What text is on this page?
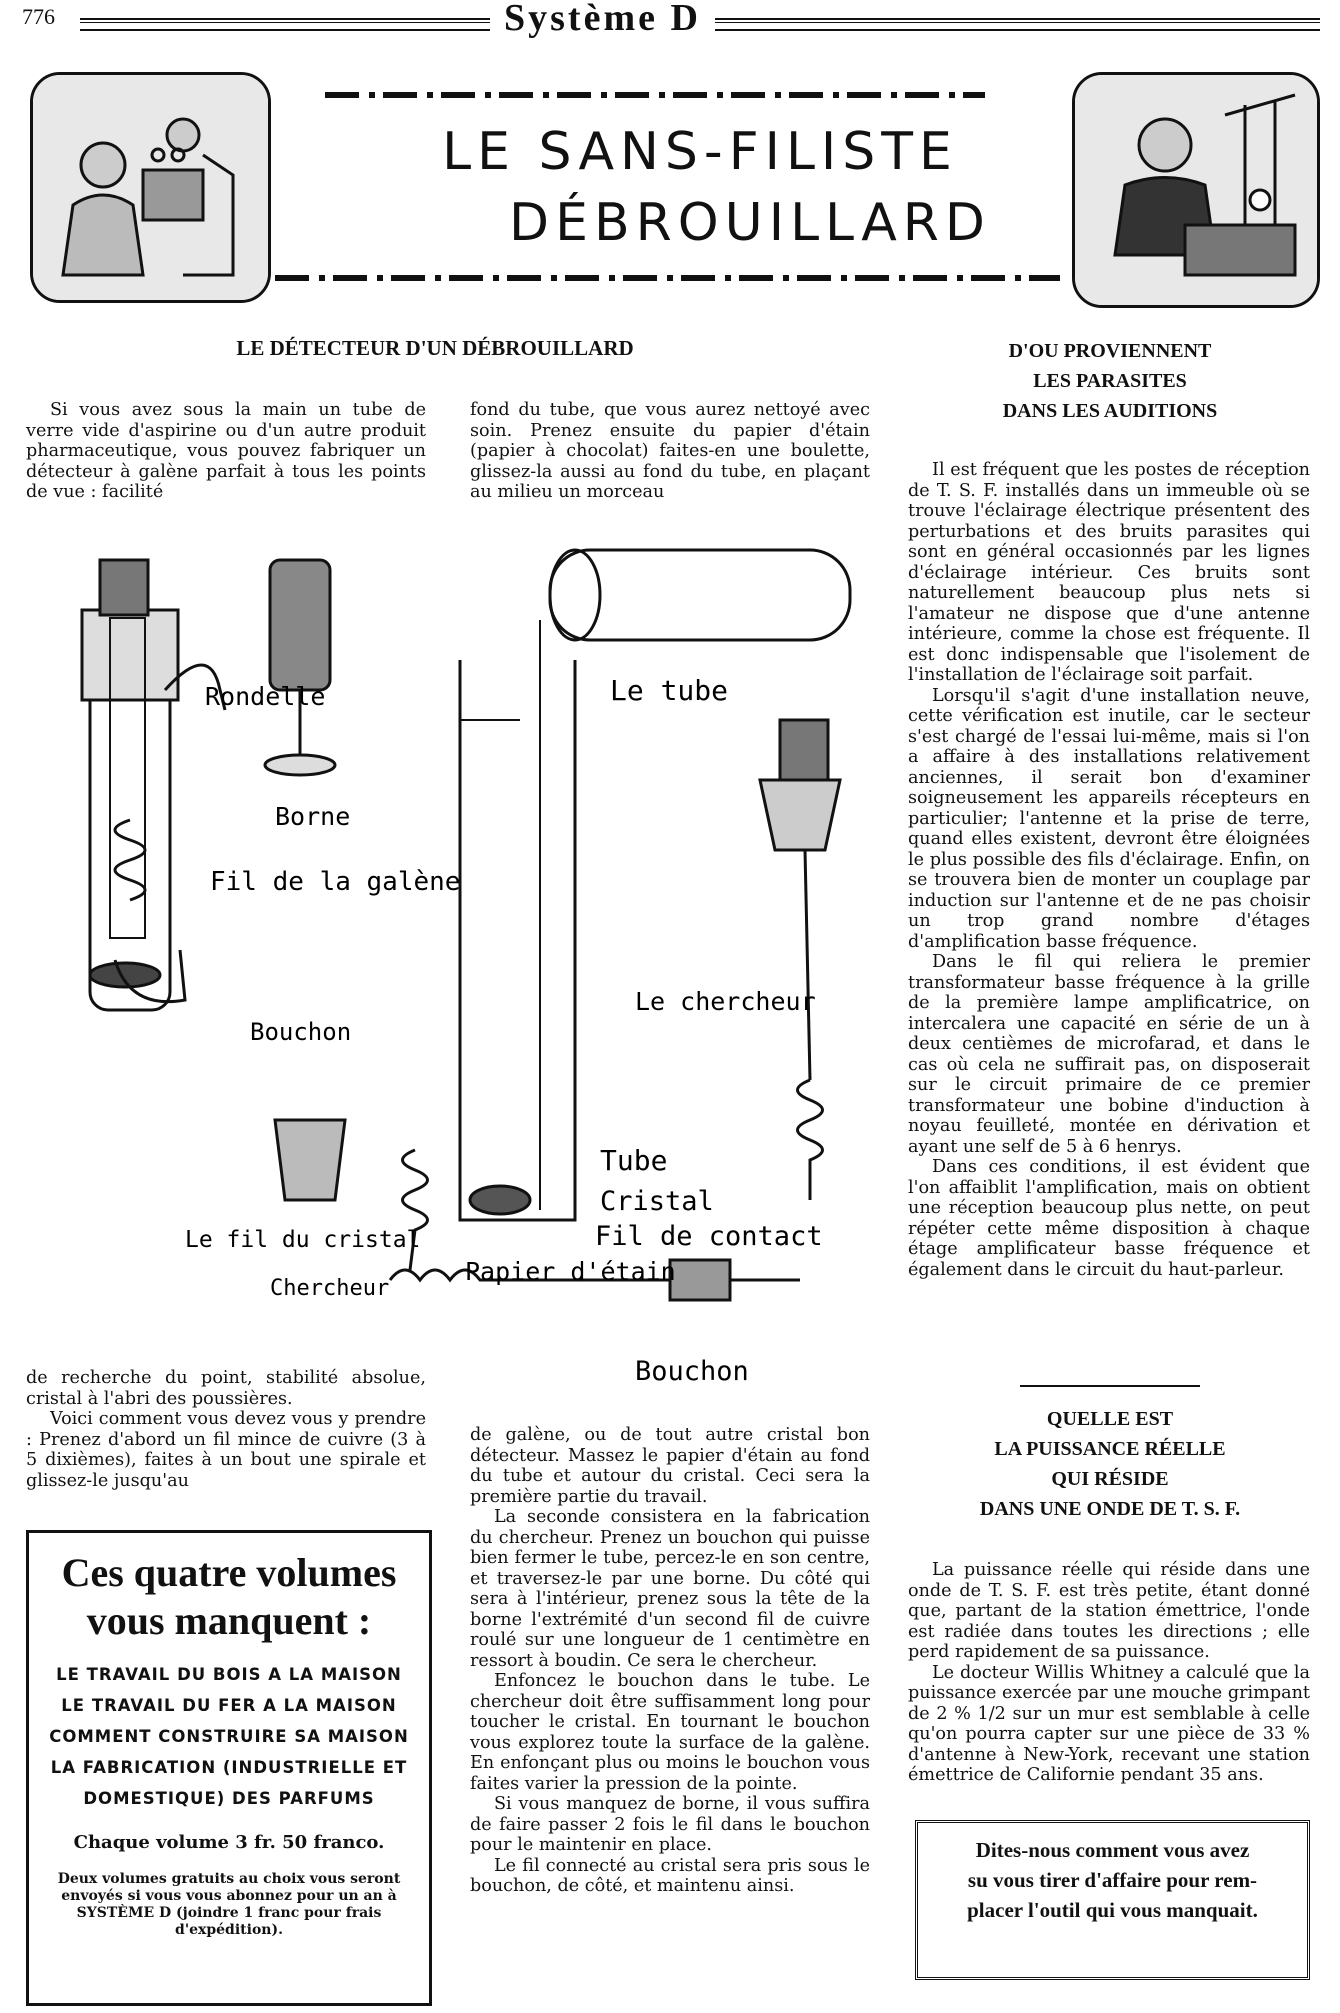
776	Système D
LE SANS-FILISTE
DÉBROUILLARD
LE DÉTECTEUR D'UN DÉBROUILLARD

Si vous avez sous la main un tube de verre vide d'aspirine ou d'un autre produit pharmaceutique, vous pouvez fabriquer un détecteur à galène parfait à tous les points de vue : facilité

fond du tube, que vous aurez nettoyé avec soin. Prenez ensuite du papier d'étain (papier à chocolat) faites-en une boulette, glissez-la aussi au fond du tube, en plaçant au milieu un morceau

Rondelle
Borne
Fil de la galène
Bouchon
Le fil du cristal
Chercheur
Le tube
Le chercheur
Tube
Cristal
Fil de contact
Papier d'étain
Bouchon

de recherche du point, stabilité absolue, cristal à l'abri des poussières.

Voici comment vous devez vous y prendre : Prenez d'abord un fil mince de cuivre (3 à 5 dixièmes), faites à un bout une spirale et glissez-le jusqu'au

de galène, ou de tout autre cristal bon détecteur. Massez le papier d'étain au fond du tube et autour du cristal. Ceci sera la première partie du travail.

La seconde consistera en la fabrication du chercheur. Prenez un bouchon qui puisse bien fermer le tube, percez-le en son centre, et traversez-le par une borne. Du côté qui sera à l'intérieur, prenez sous la tête de la borne l'extrémité d'un second fil de cuivre roulé sur une longueur de 1 centimètre en ressort à boudin. Ce sera le chercheur.

Enfoncez le bouchon dans le tube. Le chercheur doit être suffisamment long pour toucher le cristal. En tournant le bouchon vous explorez toute la surface de la galène. En enfonçant plus ou moins le bouchon vous faites varier la pression de la pointe.

Si vous manquez de borne, il vous suffira de faire passer 2 fois le fil dans le bouchon pour le maintenir en place.

Le fil connecté au cristal sera pris sous le bouchon, de côté, et maintenu ainsi.

Ces quatre volumes
vous manquent :
LE TRAVAIL DU BOIS A LA MAISON
LE TRAVAIL DU FER A LA MAISON
COMMENT CONSTRUIRE SA MAISON
LA FABRICATION (INDUSTRIELLE ET
DOMESTIQUE) DES PARFUMS
Chaque volume 3 fr. 50 franco.
Deux volumes gratuits au choix vous seront envoyés si vous vous abonnez pour un an à SYSTÈME D (joindre 1 franc pour frais d'expédition).
D'OU PROVIENNENT
LES PARASITES
DANS LES AUDITIONS

Il est fréquent que les postes de réception de T. S. F. installés dans un immeuble où se trouve l'éclairage électrique présentent des perturbations et des bruits parasites qui sont en général occasionnés par les lignes d'éclairage intérieur. Ces bruits sont naturellement beaucoup plus nets si l'amateur ne dispose que d'une antenne intérieure, comme la chose est fréquente. Il est donc indispensable que l'isolement de l'installation de l'éclairage soit parfait.

Lorsqu'il s'agit d'une installation neuve, cette vérification est inutile, car le secteur s'est chargé de l'essai lui-même, mais si l'on a affaire à des installations relativement anciennes, il serait bon d'examiner soigneusement les appareils récepteurs en particulier; l'antenne et la prise de terre, quand elles existent, devront être éloignées le plus possible des fils d'éclairage. Enfin, on se trouvera bien de monter un couplage par induction sur l'antenne et de ne pas choisir un trop grand nombre d'étages d'amplification basse fréquence.

Dans le fil qui reliera le premier transformateur basse fréquence à la grille de la première lampe amplificatrice, on intercalera une capacité en série de un à deux centièmes de microfarad, et dans le cas où cela ne suffirait pas, on disposerait sur le circuit primaire de ce premier transformateur une bobine d'induction à noyau feuilleté, montée en dérivation et ayant une self de 5 à 6 henrys.

Dans ces conditions, il est évident que l'on affaiblit l'amplification, mais on obtient une réception beaucoup plus nette, on peut répéter cette même disposition à chaque étage amplificateur basse fréquence et également dans le circuit du haut-parleur.

QUELLE EST
LA PUISSANCE RÉELLE
QUI RÉSIDE
DANS UNE ONDE DE T. S. F.

La puissance réelle qui réside dans une onde de T. S. F. est très petite, étant donné que, partant de la station émettrice, l'onde est radiée dans toutes les directions ; elle perd rapidement de sa puissance.

Le docteur Willis Whitney a calculé que la puissance exercée par une mouche grimpant de 2 % 1/2 sur un mur est semblable à celle qu'on pourra capter sur une pièce de 33 % d'antenne à New-York, recevant une station émettrice de Californie pendant 35 ans.

Dites-nous comment vous avez
su vous tirer d'affaire pour rem-
placer l'outil qui vous manquait.
